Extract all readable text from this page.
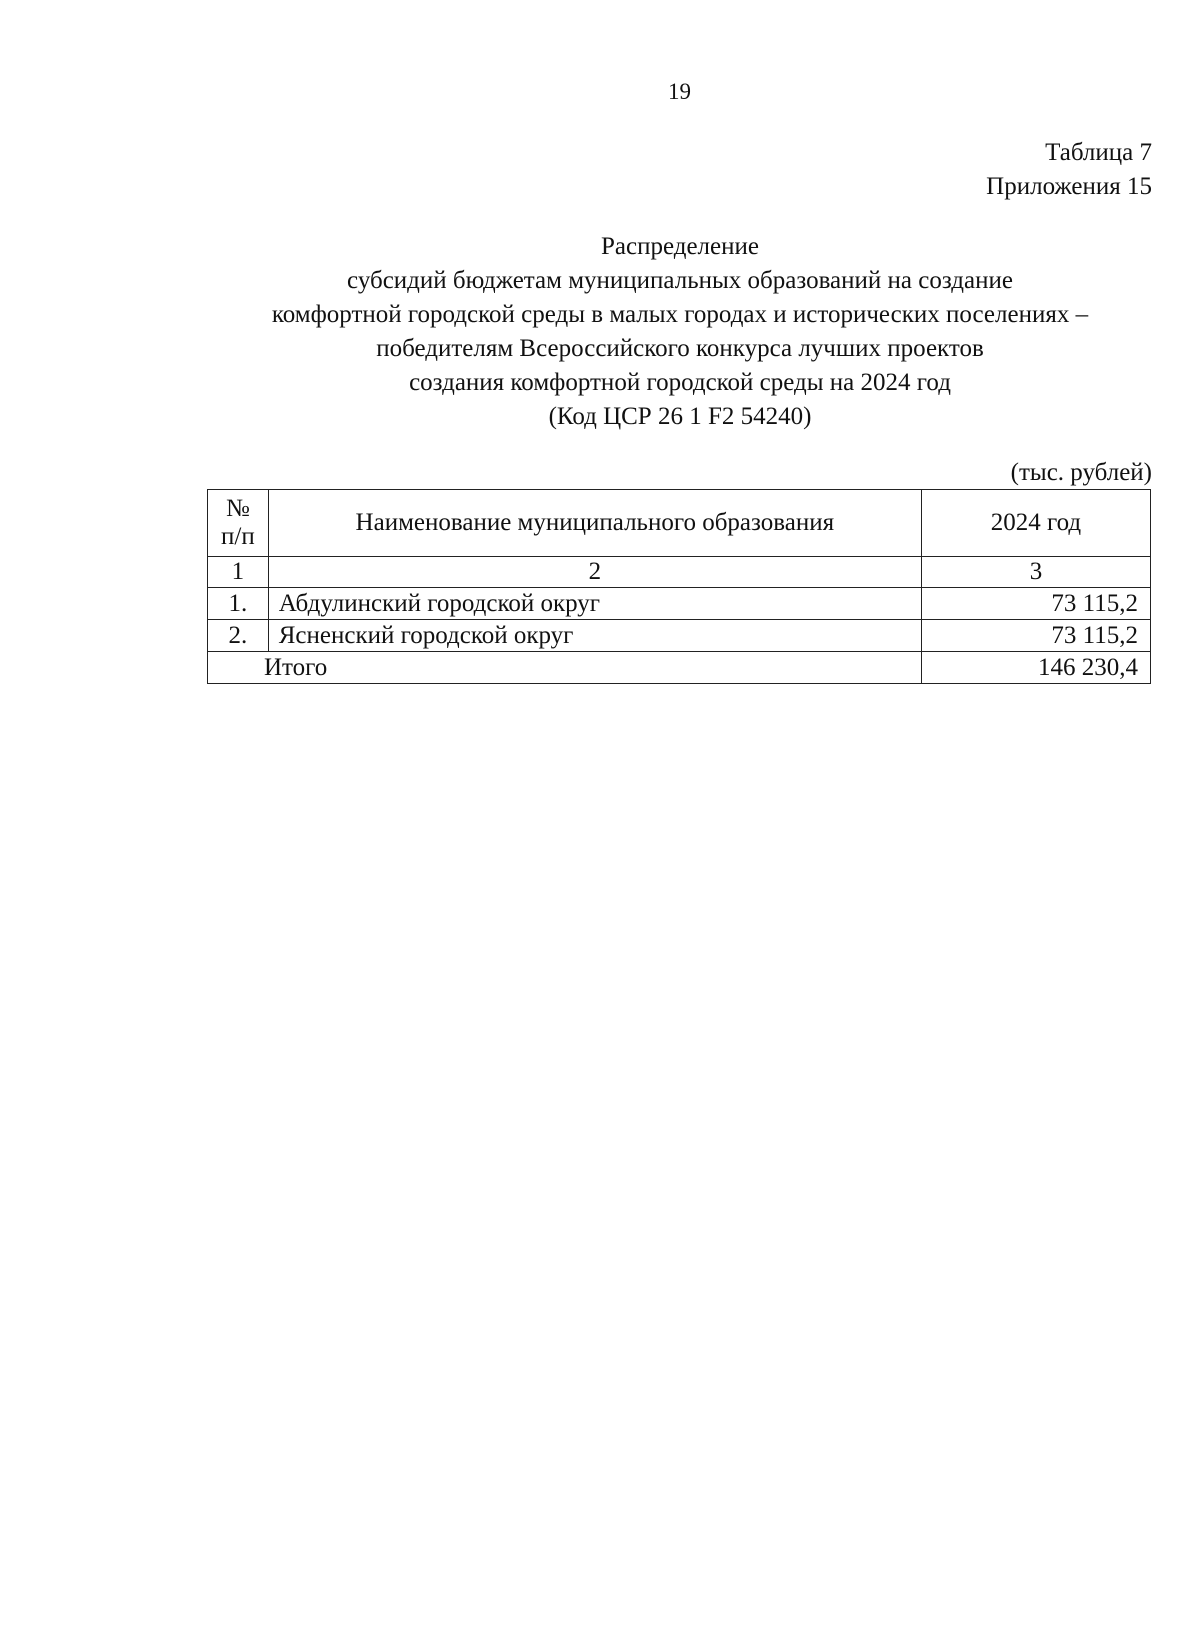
19
Таблица 7
Приложения 15
Распределение
субсидий бюджетам муниципальных образований на создание
комфортной городской среды в малых городах и исторических поселениях –
победителям Всероссийского конкурса лучших проектов
создания комфортной городской среды на 2024 год
(Код ЦСР 26 1 F2 54240)
(тыс. рублей)
№
п/п	Наименование муниципального образования	2024 год
1	2	3
1.	Абдулинский городской округ	73 115,2
2.	Ясненский городской округ	73 115,2
Итого		146 230,4
